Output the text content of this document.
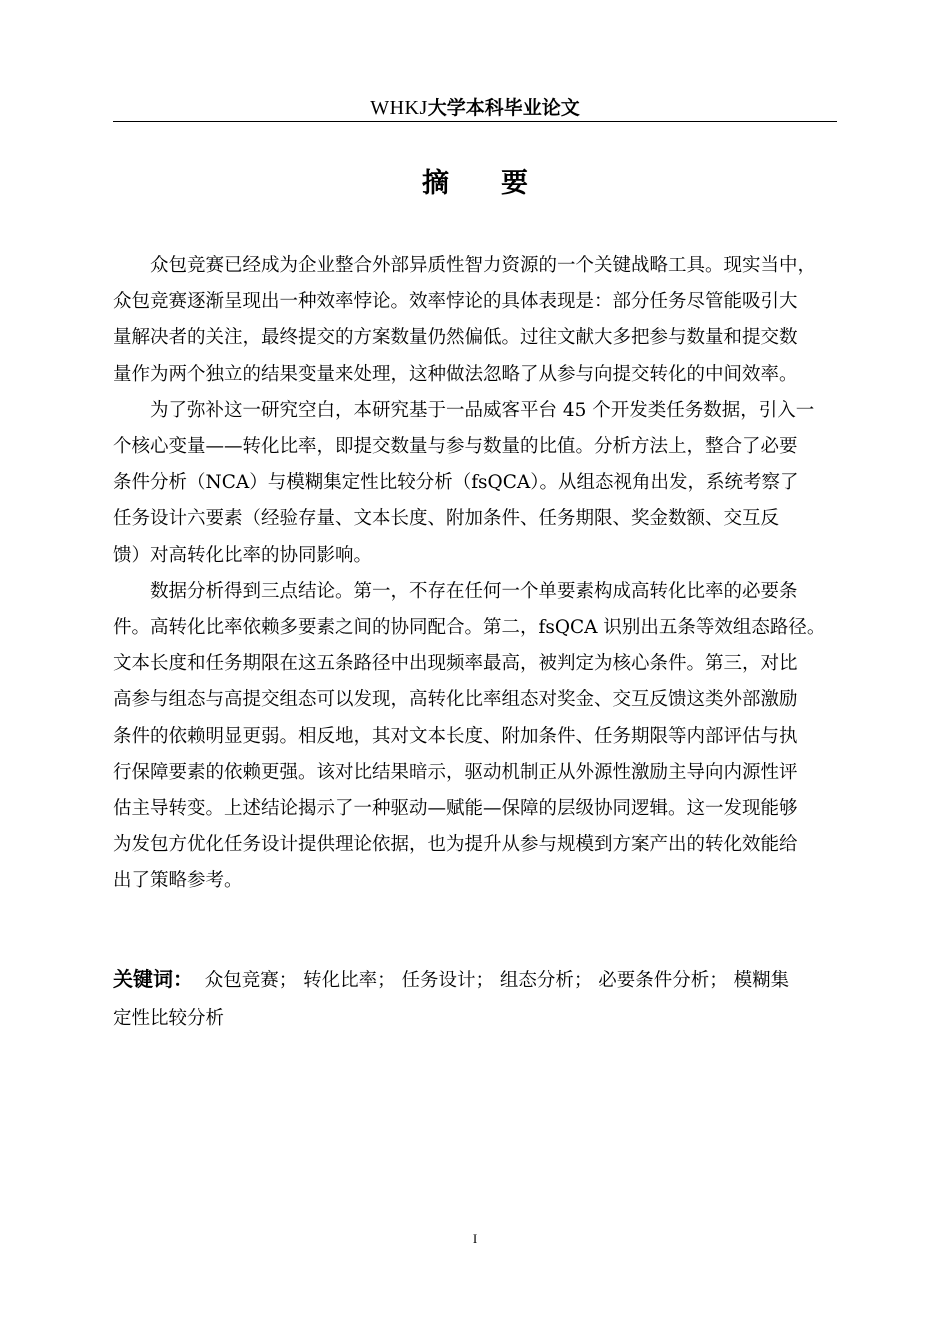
WHKJ大学本科毕业论文
摘 要

众包竞赛已经成为企业整合外部异质性智力资源的一个关键战略工具。现实当中，
众包竞赛逐渐呈现出一种效率悖论。效率悖论的具体表现是：部分任务尽管能吸引大
量解决者的关注，最终提交的方案数量仍然偏低。过往文献大多把参与数量和提交数
量作为两个独立的结果变量来处理，这种做法忽略了从参与向提交转化的中间效率。

为了弥补这一研究空白，本研究基于一品威客平台 45 个开发类任务数据，引入一
个核心变量——转化比率，即提交数量与参与数量的比值。分析方法上，整合了必要
条件分析（NCA）与模糊集定性比较分析（fsQCA）。从组态视角出发，系统考察了
任务设计六要素（经验存量、文本长度、附加条件、任务期限、奖金数额、交互反
馈）对高转化比率的协同影响。

数据分析得到三点结论。第一，不存在任何一个单要素构成高转化比率的必要条
件。高转化比率依赖多要素之间的协同配合。第二，fsQCA 识别出五条等效组态路径。
文本长度和任务期限在这五条路径中出现频率最高，被判定为核心条件。第三，对比
高参与组态与高提交组态可以发现，高转化比率组态对奖金、交互反馈这类外部激励
条件的依赖明显更弱。相反地，其对文本长度、附加条件、任务期限等内部评估与执
行保障要素的依赖更强。该对比结果暗示，驱动机制正从外源性激励主导向内源性评
估主导转变。上述结论揭示了一种驱动—赋能—保障的层级协同逻辑。这一发现能够
为发包方优化任务设计提供理论依据，也为提升从参与规模到方案产出的转化效能给
出了策略参考。

关键词： 众包竞赛； 转化比率； 任务设计； 组态分析； 必要条件分析； 模糊集
定性比较分析
I
